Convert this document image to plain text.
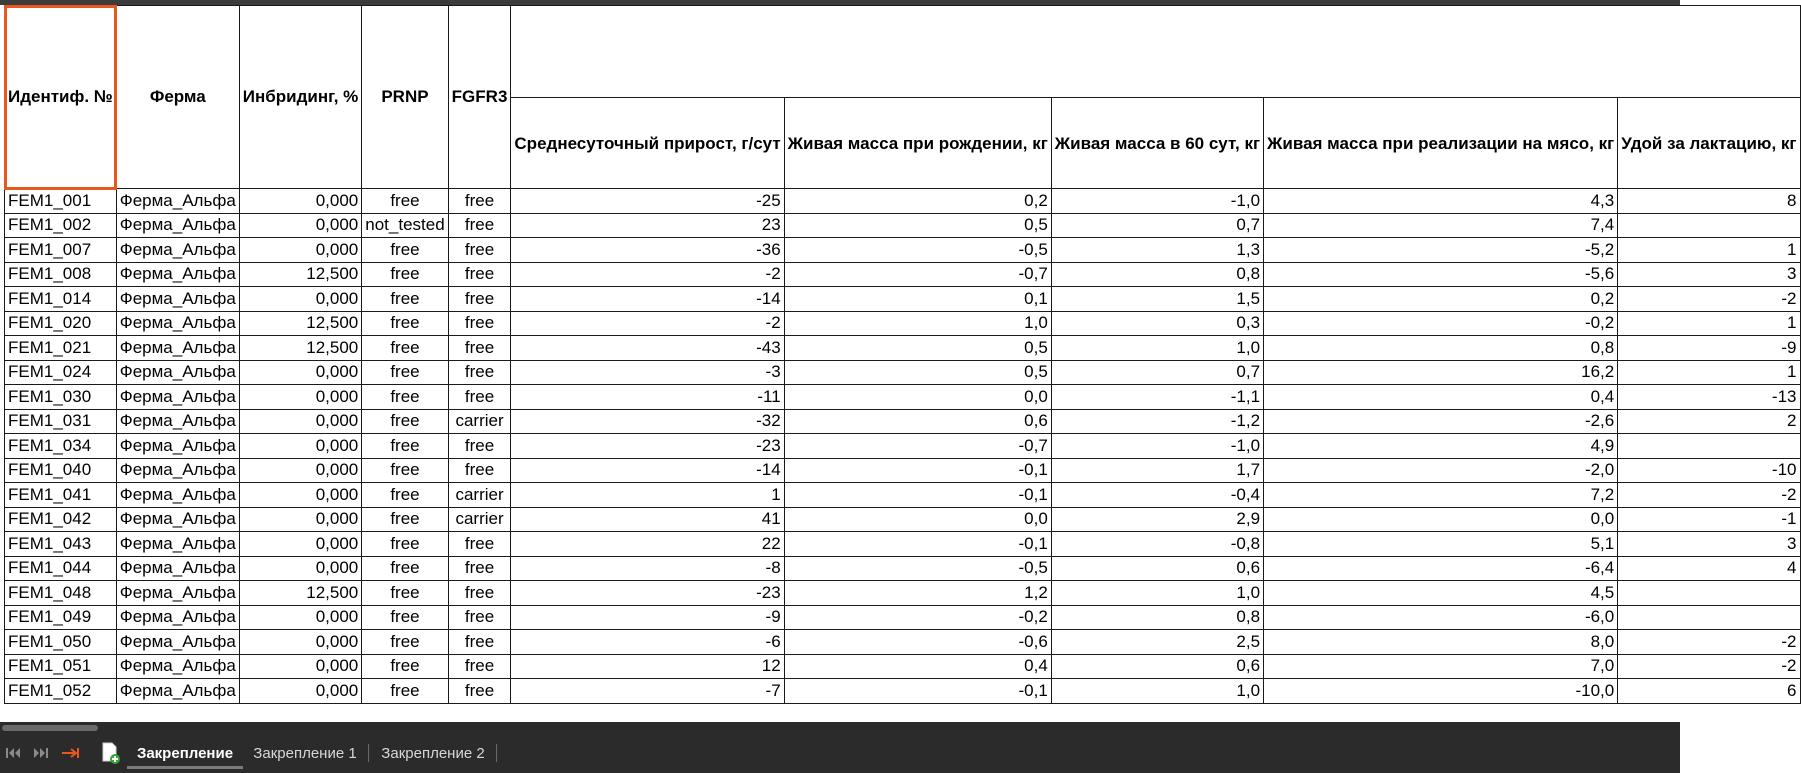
Идентиф. №	Ферма	Инбридинг, %	PRNP	FGFR3					
					Среднесуточный прирост, г/сут	Живая масса при рождении, кг	Живая масса в 60 сут, кг	Живая масса при реализации на мясо, кг	Удой за лактацию, кг
FEM1_001	Ферма_Альфа	0,000	free	free	-25	0,2	-1,0	4,3	8
FEM1_002	Ферма_Альфа	0,000	not_tested	free	23	0,5	0,7	7,4	
FEM1_007	Ферма_Альфа	0,000	free	free	-36	-0,5	1,3	-5,2	1
FEM1_008	Ферма_Альфа	12,500	free	free	-2	-0,7	0,8	-5,6	3
FEM1_014	Ферма_Альфа	0,000	free	free	-14	0,1	1,5	0,2	-2
FEM1_020	Ферма_Альфа	12,500	free	free	-2	1,0	0,3	-0,2	1
FEM1_021	Ферма_Альфа	12,500	free	free	-43	0,5	1,0	0,8	-9
FEM1_024	Ферма_Альфа	0,000	free	free	-3	0,5	0,7	16,2	1
FEM1_030	Ферма_Альфа	0,000	free	free	-11	0,0	-1,1	0,4	-13
FEM1_031	Ферма_Альфа	0,000	free	carrier	-32	0,6	-1,2	-2,6	2
FEM1_034	Ферма_Альфа	0,000	free	free	-23	-0,7	-1,0	4,9	
FEM1_040	Ферма_Альфа	0,000	free	free	-14	-0,1	1,7	-2,0	-10
FEM1_041	Ферма_Альфа	0,000	free	carrier	1	-0,1	-0,4	7,2	-2
FEM1_042	Ферма_Альфа	0,000	free	carrier	41	0,0	2,9	0,0	-1
FEM1_043	Ферма_Альфа	0,000	free	free	22	-0,1	-0,8	5,1	3
FEM1_044	Ферма_Альфа	0,000	free	free	-8	-0,5	0,6	-6,4	4
FEM1_048	Ферма_Альфа	12,500	free	free	-23	1,2	1,0	4,5	
FEM1_049	Ферма_Альфа	0,000	free	free	-9	-0,2	0,8	-6,0	
FEM1_050	Ферма_Альфа	0,000	free	free	-6	-0,6	2,5	8,0	-2
FEM1_051	Ферма_Альфа	0,000	free	free	12	0,4	0,6	7,0	-2
FEM1_052	Ферма_Альфа	0,000	free	free	-7	-0,1	1,0	-10,0	6
Закрепление	Закрепление 1 Закрепление 2
